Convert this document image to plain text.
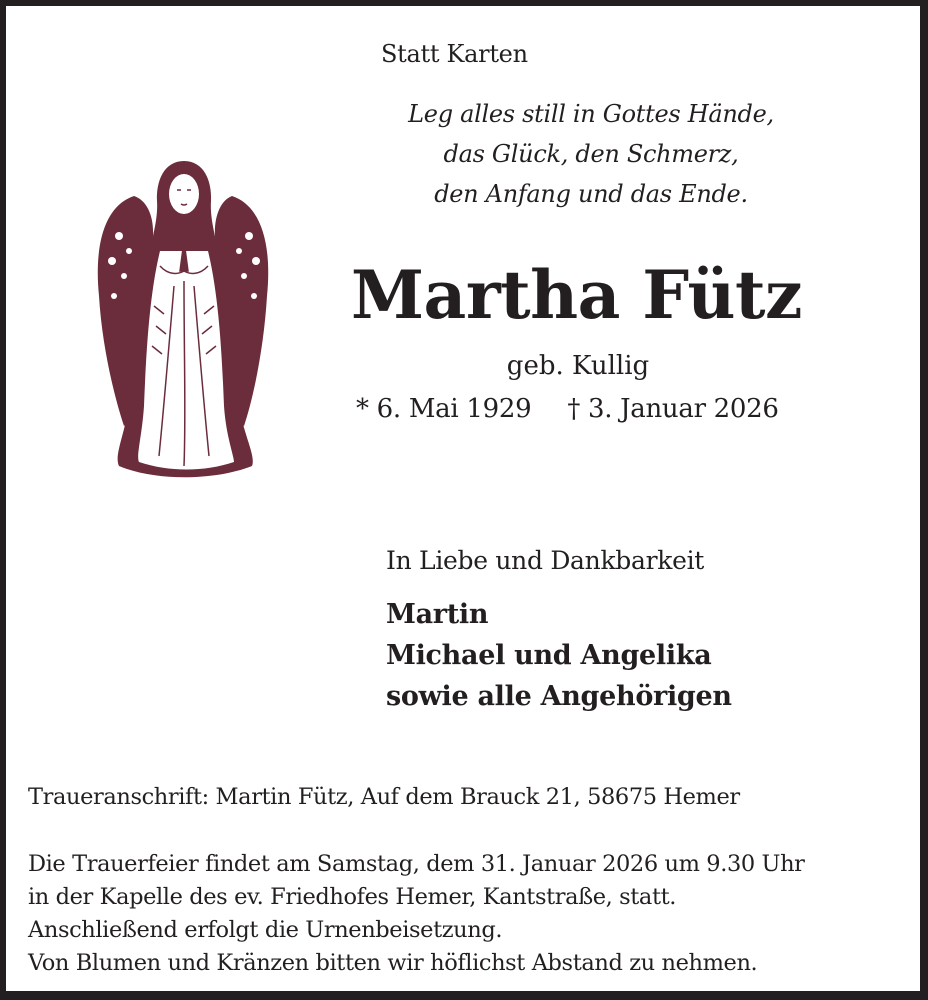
Statt Karten
Leg alles still in Gottes Hände,
das Glück, den Schmerz,
den Anfang und das Ende.
Martha Fütz
geb. Kullig
* 6. Mai 1929 † 3. Januar 2026
In Liebe und Dankbarkeit
Martin
Michael und Angelika
sowie alle Angehörigen
Traueranschrift: Martin Fütz, Auf dem Brauck 21, 58675 Hemer
Die Trauerfeier findet am Samstag, dem 31. Januar 2026 um 9.30 Uhr
in der Kapelle des ev. Friedhofes Hemer, Kantstraße, statt.
Anschließend erfolgt die Urnenbeisetzung.
Von Blumen und Kränzen bitten wir höflichst Abstand zu nehmen.
